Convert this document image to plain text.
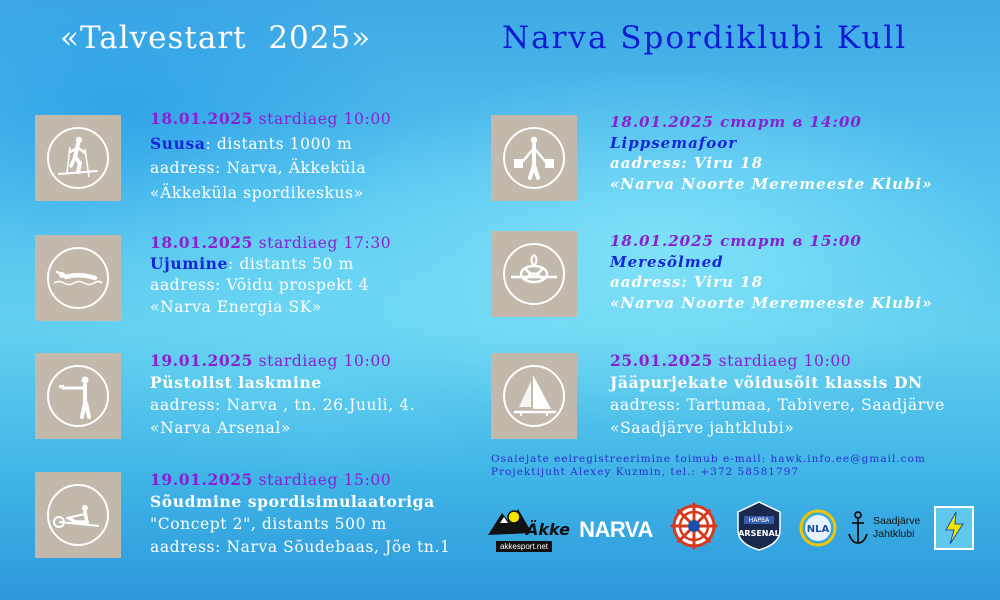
«Talvestart  2025»	Narva Spordiklubi Kull
18.01.2025 stardiaeg 10:00
Suusa: distants 1000 m
aadress: Narva, Äkkeküla
«Äkkeküla spordikeskus»
18.01.2025 stardiaeg 17:30
Ujumine: distants 50 m
aadress: Võidu prospekt 4
«Narva Energia SK»
19.01.2025 stardiaeg 10:00
Püstolist laskmine
aadress: Narva , tn. 26.Juuli, 4.
«Narva Arsenal»
19.01.2025 stardiaeg 15:00
Sõudmine spordisimulaatoriga
"Concept 2", distants 500 m
aadress: Narva Sõudebaas, Jõe tn.1
18.01.2025 старт в 14:00
Lippsemafoor
aadress: Viru 18
«Narva Noorte Meremeeste Klubi»
18.01.2025 старт в 15:00
Meresõlmed
aadress: Viru 18
«Narva Noorte Meremeeste Klubi»
25.01.2025 stardiaeg 10:00
Jääpurjekate võidusõit klassis DN
aadress: Tartumaa, Tabivere, Saadjärve
«Saadjärve jahtklubi»
Osalejate eelregistreerimine toimub e-mail: hawk.info.ee@gmail.com
Projektijuht Alexey Kuzmin, tel.: +372 58581797
Äkke
akkesport.net
NARVA	НАРВА
ARSENAL	NLA
Saadjärve
Jahtklubi
